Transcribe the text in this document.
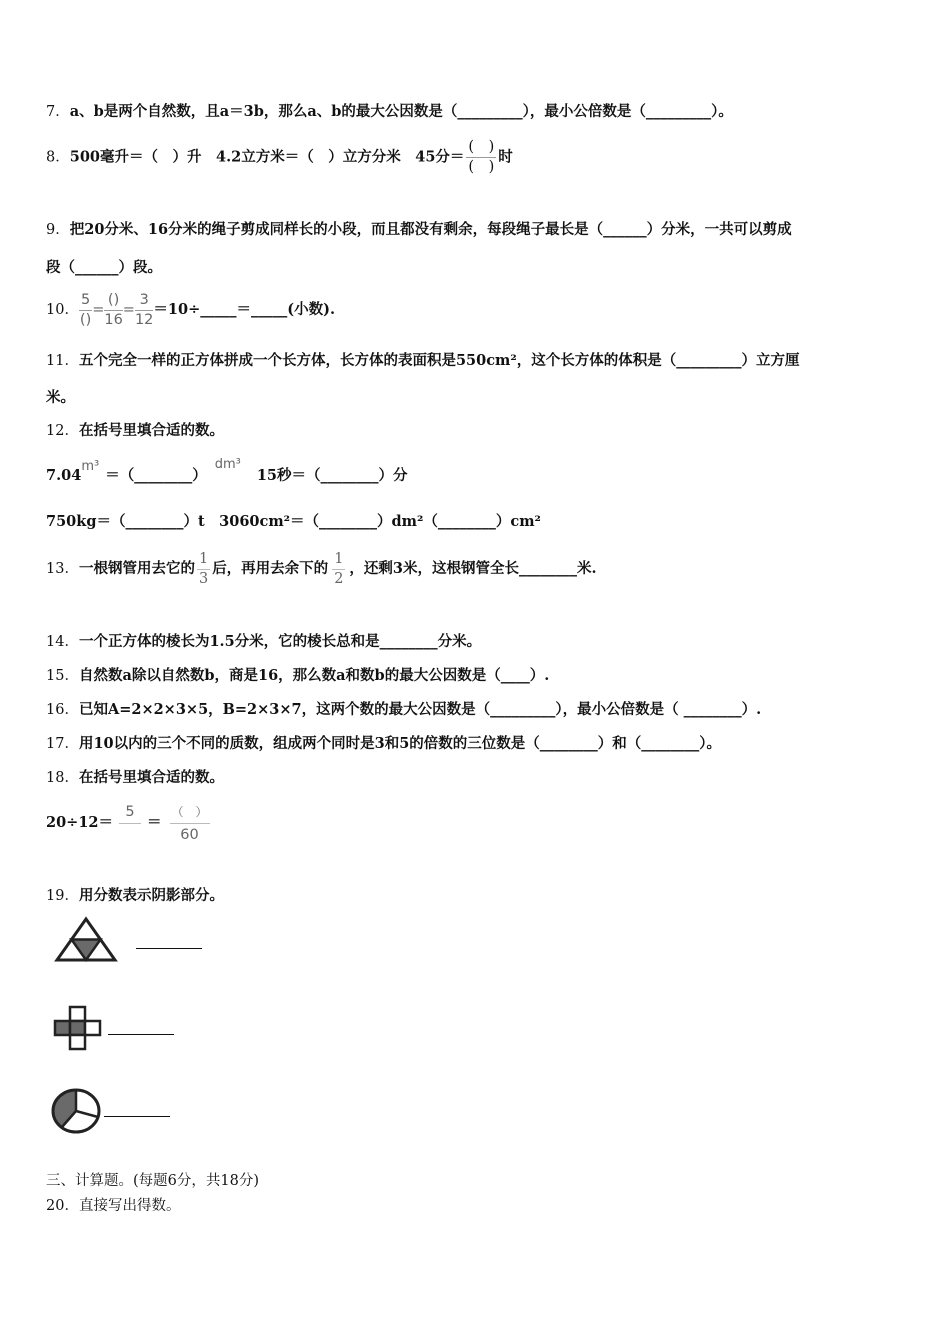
7．a、b是两个自然数，且a＝3b，那么a、b的最大公因数是（_________），最小公倍数是（_________）。
8．500毫升＝（　）升　4.2立方米＝（　）立方分米　45分＝ $\frac{( )}{( )}$ 时
9．把20分米、16分米的绳子剪成同样长的小段，而且都没有剩余，每段绳子最长是（______）分米，一共可以剪成
段（______）段。
10． $\frac{5}{()} = \frac{()}{16} = \frac{3}{12}$ ＝10÷_____＝_____(小数).
11．五个完全一样的正方体拼成一个长方体，长方体的表面积是550cm²，这个长方体的体积是（_________）立方厘
米。
12．在括号里填合适的数。
7.04m³＝（________）dm³15秒＝（________）分
750kg＝（________）t　3060cm²＝（________）dm²（________）cm²
13．一根钢管用去它的 $\frac{1}{3}$ 后，再用去余下的 $\frac{1}{2}$ ，还剩3米，这根钢管全长________米.
14．一个正方体的棱长为1.5分米，它的棱长总和是________分米。
15．自然数a除以自然数b，商是16，那么数a和数b的最大公因数是（____）.
16．已知A=2×2×3×5，B=2×3×7，这两个数的最大公因数是（_________），最小公倍数是（ ________）.
17．用10以内的三个不同的质数，组成两个同时是3和5的倍数的三位数是（________）和（________）。
18．在括号里填合适的数。
20÷12＝
5
＝ $\frac{( )}{60}$
19．用分数表示阴影部分。
三、计算题。(每题6分，共18分)
20．直接写出得数。
